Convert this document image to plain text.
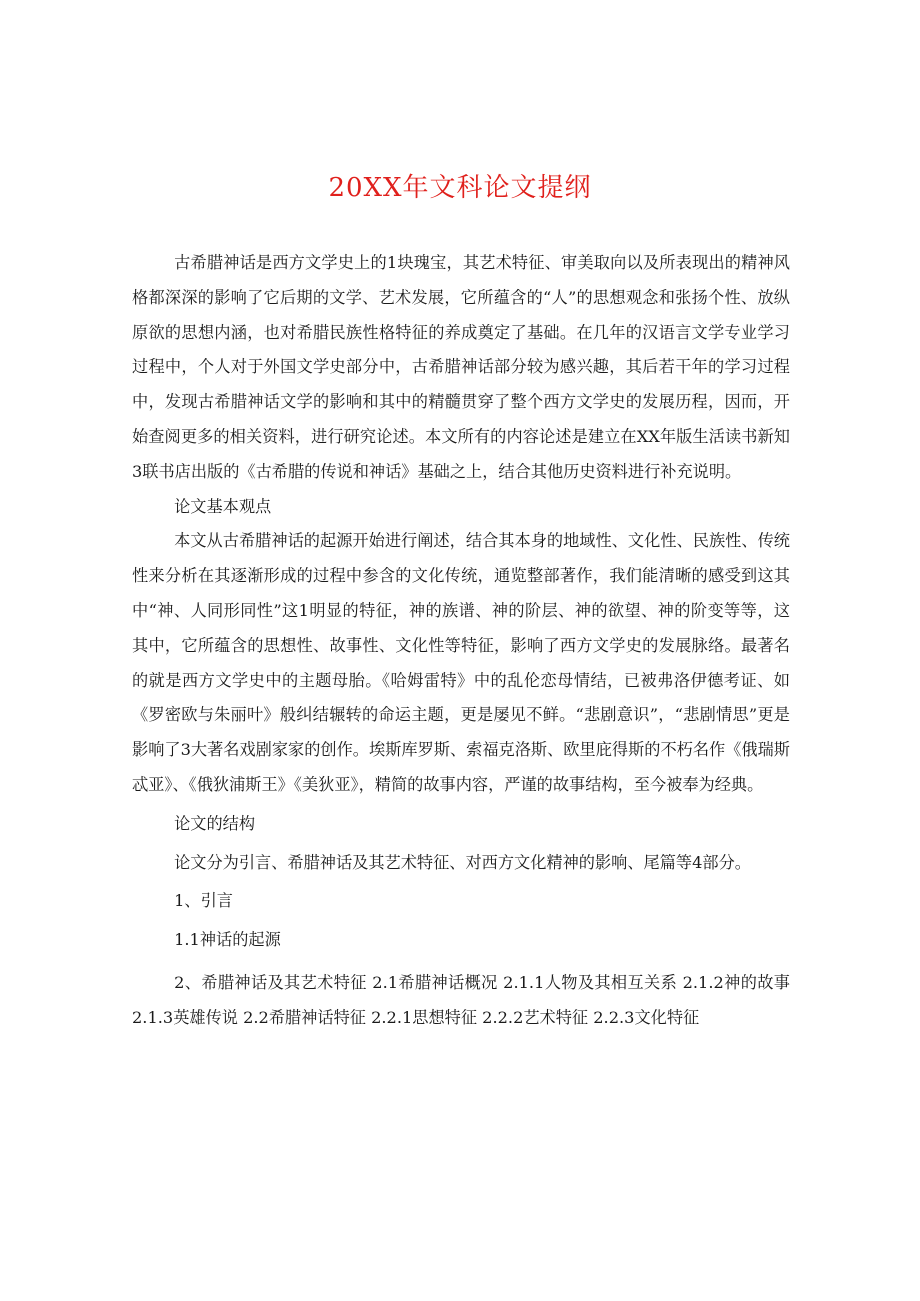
20XX年文科论文提纲

古希腊神话是西方文学史上的1块瑰宝，其艺术特征、审美取向以及所表现出的精神风格都深深的影响了它后期的文学、艺术发展，它所蕴含的“人”的思想观念和张扬个性、放纵原欲的思想内涵，也对希腊民族性格特征的养成奠定了基础。在几年的汉语言文学专业学习过程中，个人对于外国文学史部分中，古希腊神话部分较为感兴趣，其后若干年的学习过程中，发现古希腊神话文学的影响和其中的精髓贯穿了整个西方文学史的发展历程，因而，开始查阅更多的相关资料，进行研究论述。本文所有的内容论述是建立在XX年版生活读书新知3联书店出版的《古希腊的传说和神话》基础之上，结合其他历史资料进行补充说明。

论文基本观点

本文从古希腊神话的起源开始进行阐述，结合其本身的地域性、文化性、民族性、传统性来分析在其逐渐形成的过程中参含的文化传统，通览整部著作，我们能清晰的感受到这其中“神、人同形同性”这1明显的特征，神的族谱、神的阶层、神的欲望、神的阶变等等，这其中，它所蕴含的思想性、故事性、文化性等特征，影响了西方文学史的发展脉络。最著名的就是西方文学史中的主题母胎。《哈姆雷特》中的乱伦恋母情结，已被弗洛伊德考证、如《罗密欧与朱丽叶》般纠结辗转的命运主题，更是屡见不鲜。“悲剧意识”，“悲剧情思”更是影响了3大著名戏剧家家的创作。埃斯库罗斯、索福克洛斯、欧里庇得斯的不朽名作《俄瑞斯忒亚》、《俄狄浦斯王》《美狄亚》，精简的故事内容，严谨的故事结构，至今被奉为经典。

论文的结构

论文分为引言、希腊神话及其艺术特征、对西方文化精神的影响、尾篇等4部分。

1、引言

1.1神话的起源

2、希腊神话及其艺术特征 2.1希腊神话概况 2.1.1人物及其相互关系 2.1.2神的故事 2.1.3英雄传说 2.2希腊神话特征 2.2.1思想特征 2.2.2艺术特征 2.2.3文化特征
